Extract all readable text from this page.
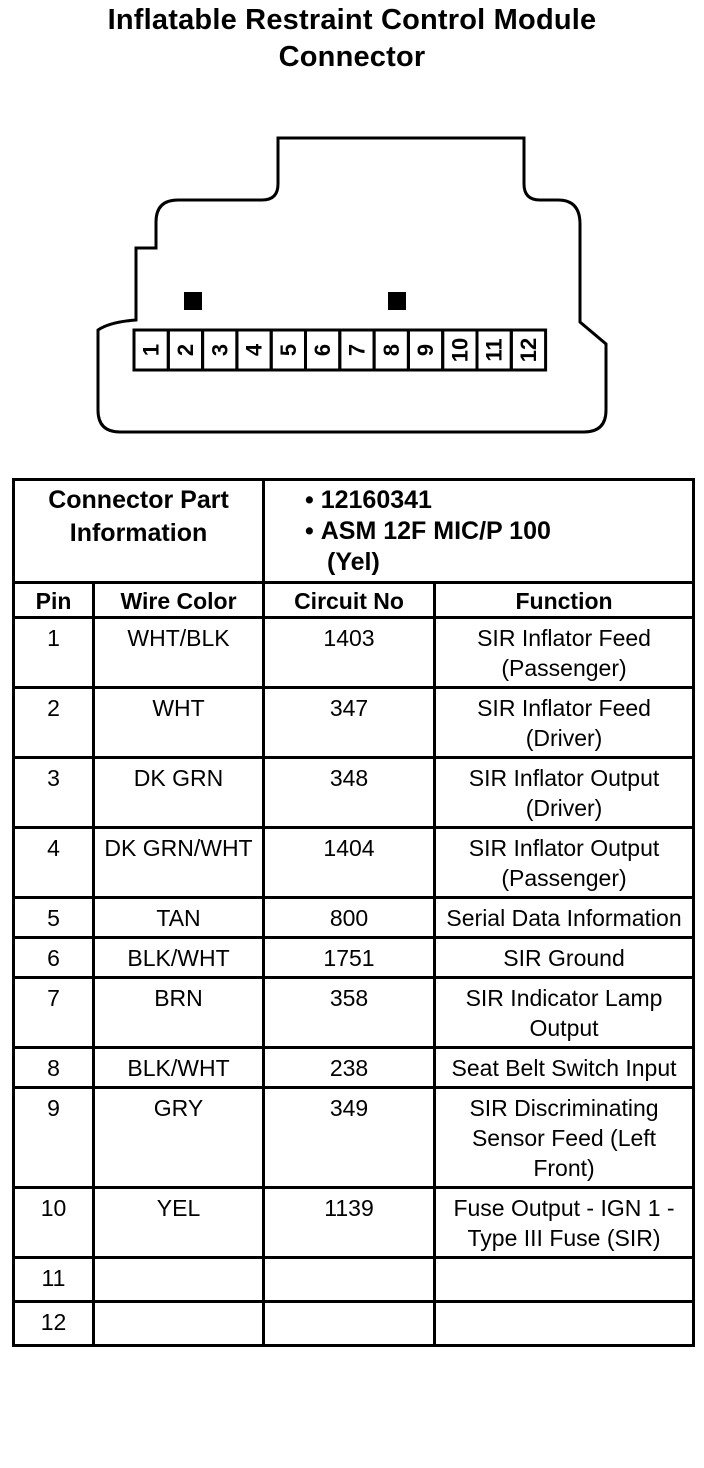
Inflatable Restraint Control Module
Connector
1 2 3 4 5 6 7 8 9 10 11 12
Connector Part Information		• 12160341
• ASM 12F MIC/P 100
(Yel)

Pin	Wire Color	Circuit No	Function
1	WHT/BLK	1403	SIR Inflator Feed (Passenger)
2	WHT	347	SIR Inflator Feed (Driver)
3	DK GRN	348	SIR Inflator Output (Driver)
4	DK GRN/WHT	1404	SIR Inflator Output (Passenger)
5	TAN	800	Serial Data Information
6	BLK/WHT	1751	SIR Ground
7	BRN	358	SIR Indicator Lamp Output
8	BLK/WHT	238	Seat Belt Switch Input
9	GRY	349	SIR Discriminating Sensor Feed (Left Front)
10	YEL	1139	Fuse Output - IGN 1 - Type III Fuse (SIR)
11			
12			
